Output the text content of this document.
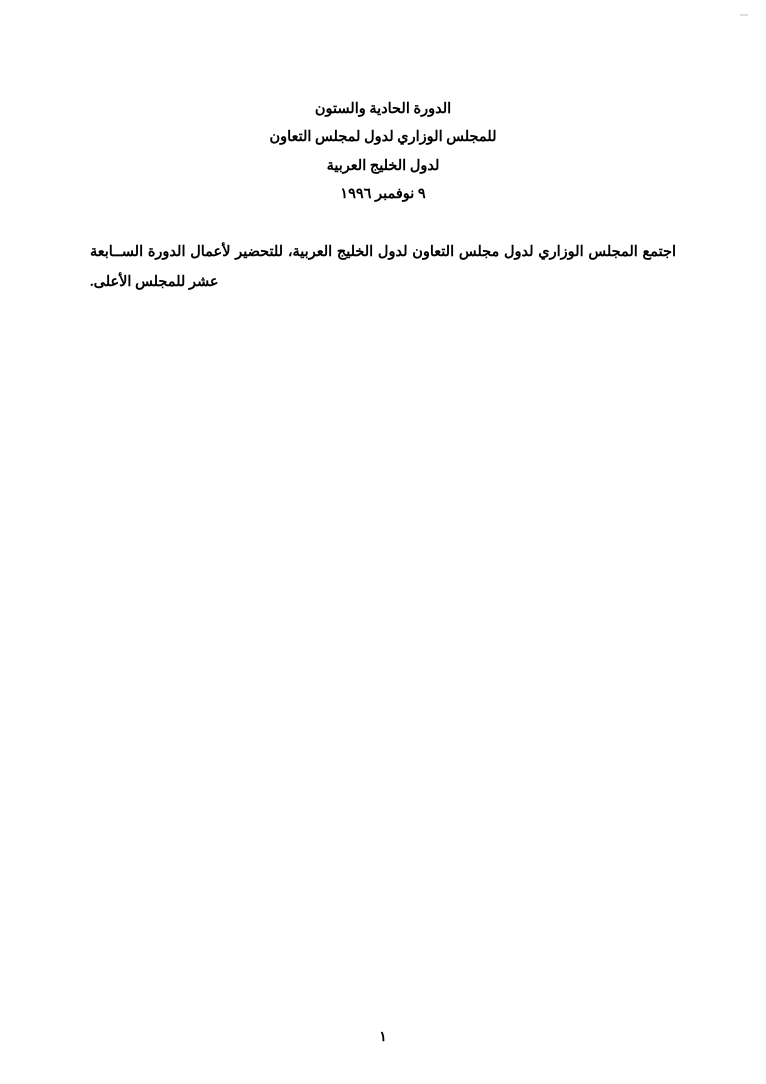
الدورة الحادية والستون
للمجلس الوزاري لدول لمجلس التعاون
لدول الخليج العربية
٩ نوفمبر ١٩٩٦

اجتمع المجلس الوزاري لدول مجلس التعاون لدول الخليج العربية، للتحضير لأعمال الدورة الســابعة عشر للمجلس الأعلى.

١
